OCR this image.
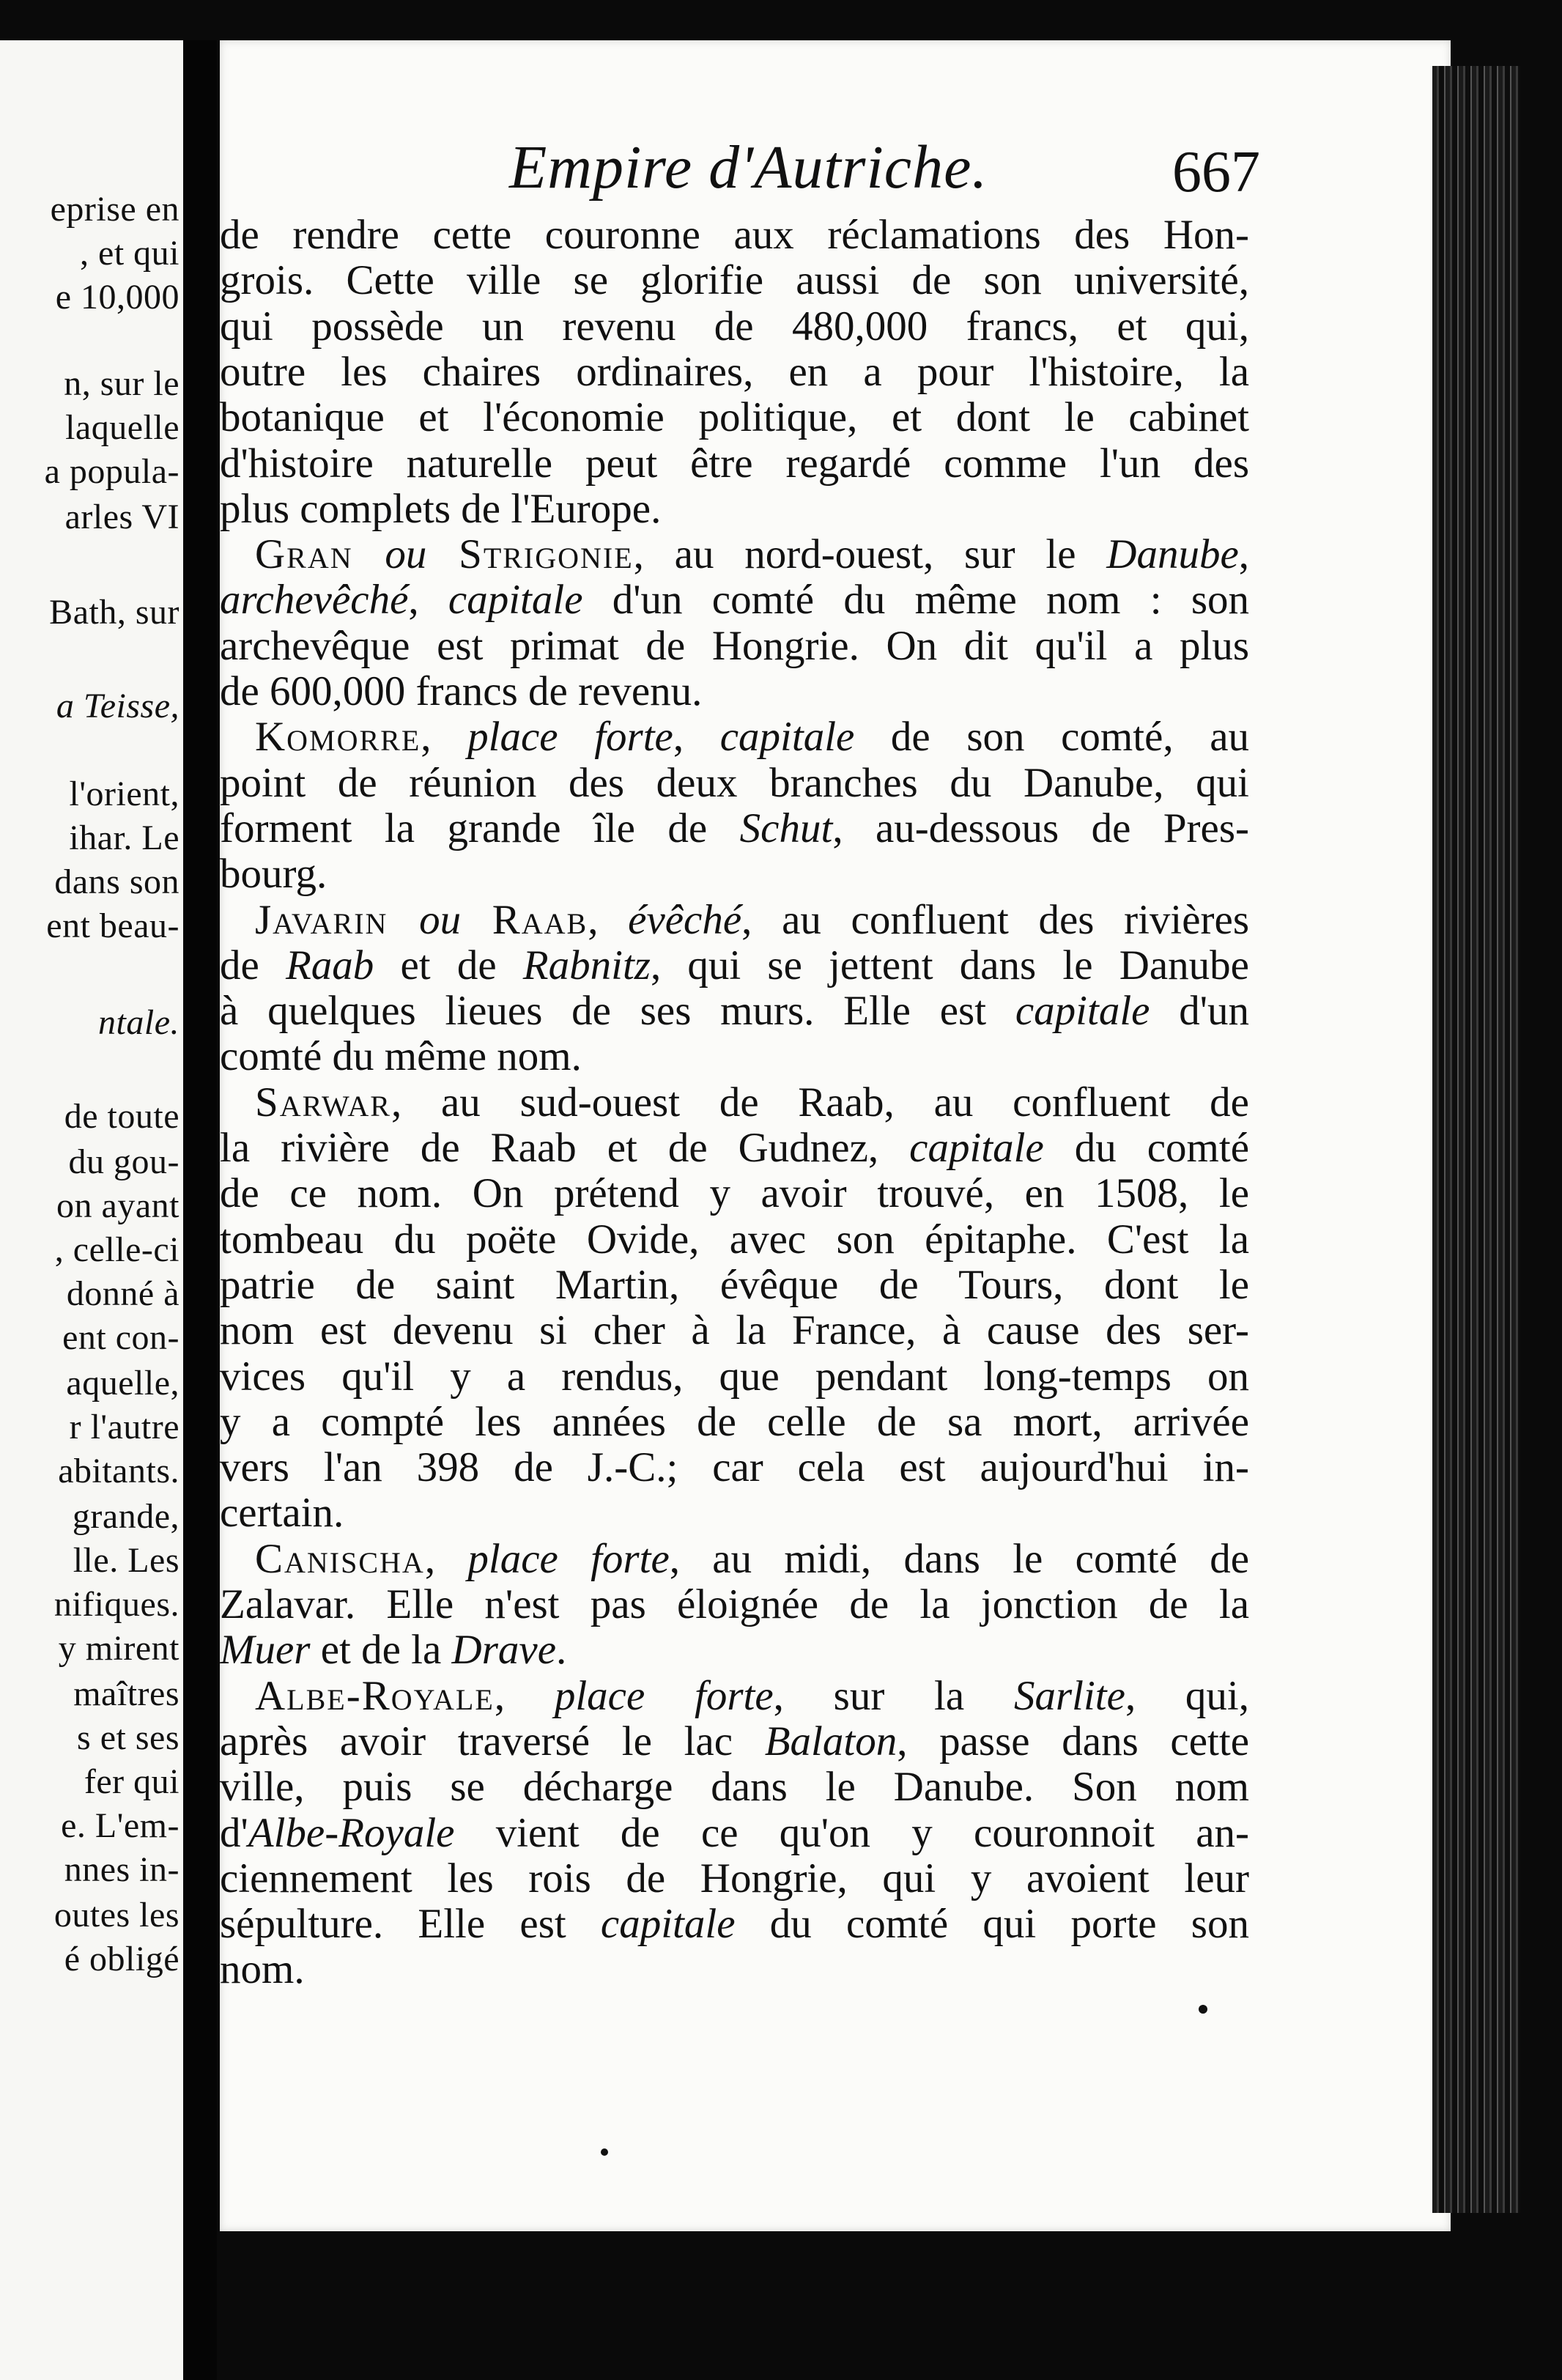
Empire d'Autriche.	667
eprise en
, et qui
e 10,000
n, sur le
laquelle
a popula-
arles VI
Bath, sur
a Teisse,
l'orient,
ihar. Le
dans son
ent beau-
ntale.
de toute
du gou-
on ayant
, celle-ci
donné à
ent con-
aquelle,
r l'autre
abitants.
grande,
lle. Les
nifiques.
y mirent
maîtres
s et ses
fer qui
e. L'em-
nnes in-
outes les
é obligé
de rendre cette couronne aux réclamations des Hon-
grois. Cette ville se glorifie aussi de son université,
qui possède un revenu de 480,000 francs, et qui,
outre les chaires ordinaires, en a pour l'histoire, la
botanique et l'économie politique, et dont le cabinet
d'histoire naturelle peut être regardé comme l'un des
plus complets de l'Europe.
Gran ou Strigonie, au nord-ouest, sur le Danube,
archevêché, capitale d'un comté du même nom : son
archevêque est primat de Hongrie. On dit qu'il a plus
de 600,000 francs de revenu.
Komorre, place forte, capitale de son comté, au
point de réunion des deux branches du Danube, qui
forment la grande île de Schut, au-dessous de Pres-
bourg.
Javarin ou Raab, évêché, au confluent des rivières
de Raab et de Rabnitz, qui se jettent dans le Danube
à quelques lieues de ses murs. Elle est capitale d'un
comté du même nom.
Sarwar, au sud-ouest de Raab, au confluent de
la rivière de Raab et de Gudnez, capitale du comté
de ce nom. On prétend y avoir trouvé, en 1508, le
tombeau du poëte Ovide, avec son épitaphe. C'est la
patrie de saint Martin, évêque de Tours, dont le
nom est devenu si cher à la France, à cause des ser-
vices qu'il y a rendus, que pendant long-temps on
y a compté les années de celle de sa mort, arrivée
vers l'an 398 de J.-C.; car cela est aujourd'hui in-
certain.
Canischa, place forte, au midi, dans le comté de
Zalavar. Elle n'est pas éloignée de la jonction de la
Muer et de la Drave.
Albe-Royale, place forte, sur la Sarlite, qui,
après avoir traversé le lac Balaton, passe dans cette
ville, puis se décharge dans le Danube. Son nom
d'Albe-Royale vient de ce qu'on y couronnoit an-
ciennement les rois de Hongrie, qui y avoient leur
sépulture. Elle est capitale du comté qui porte son
nom.
